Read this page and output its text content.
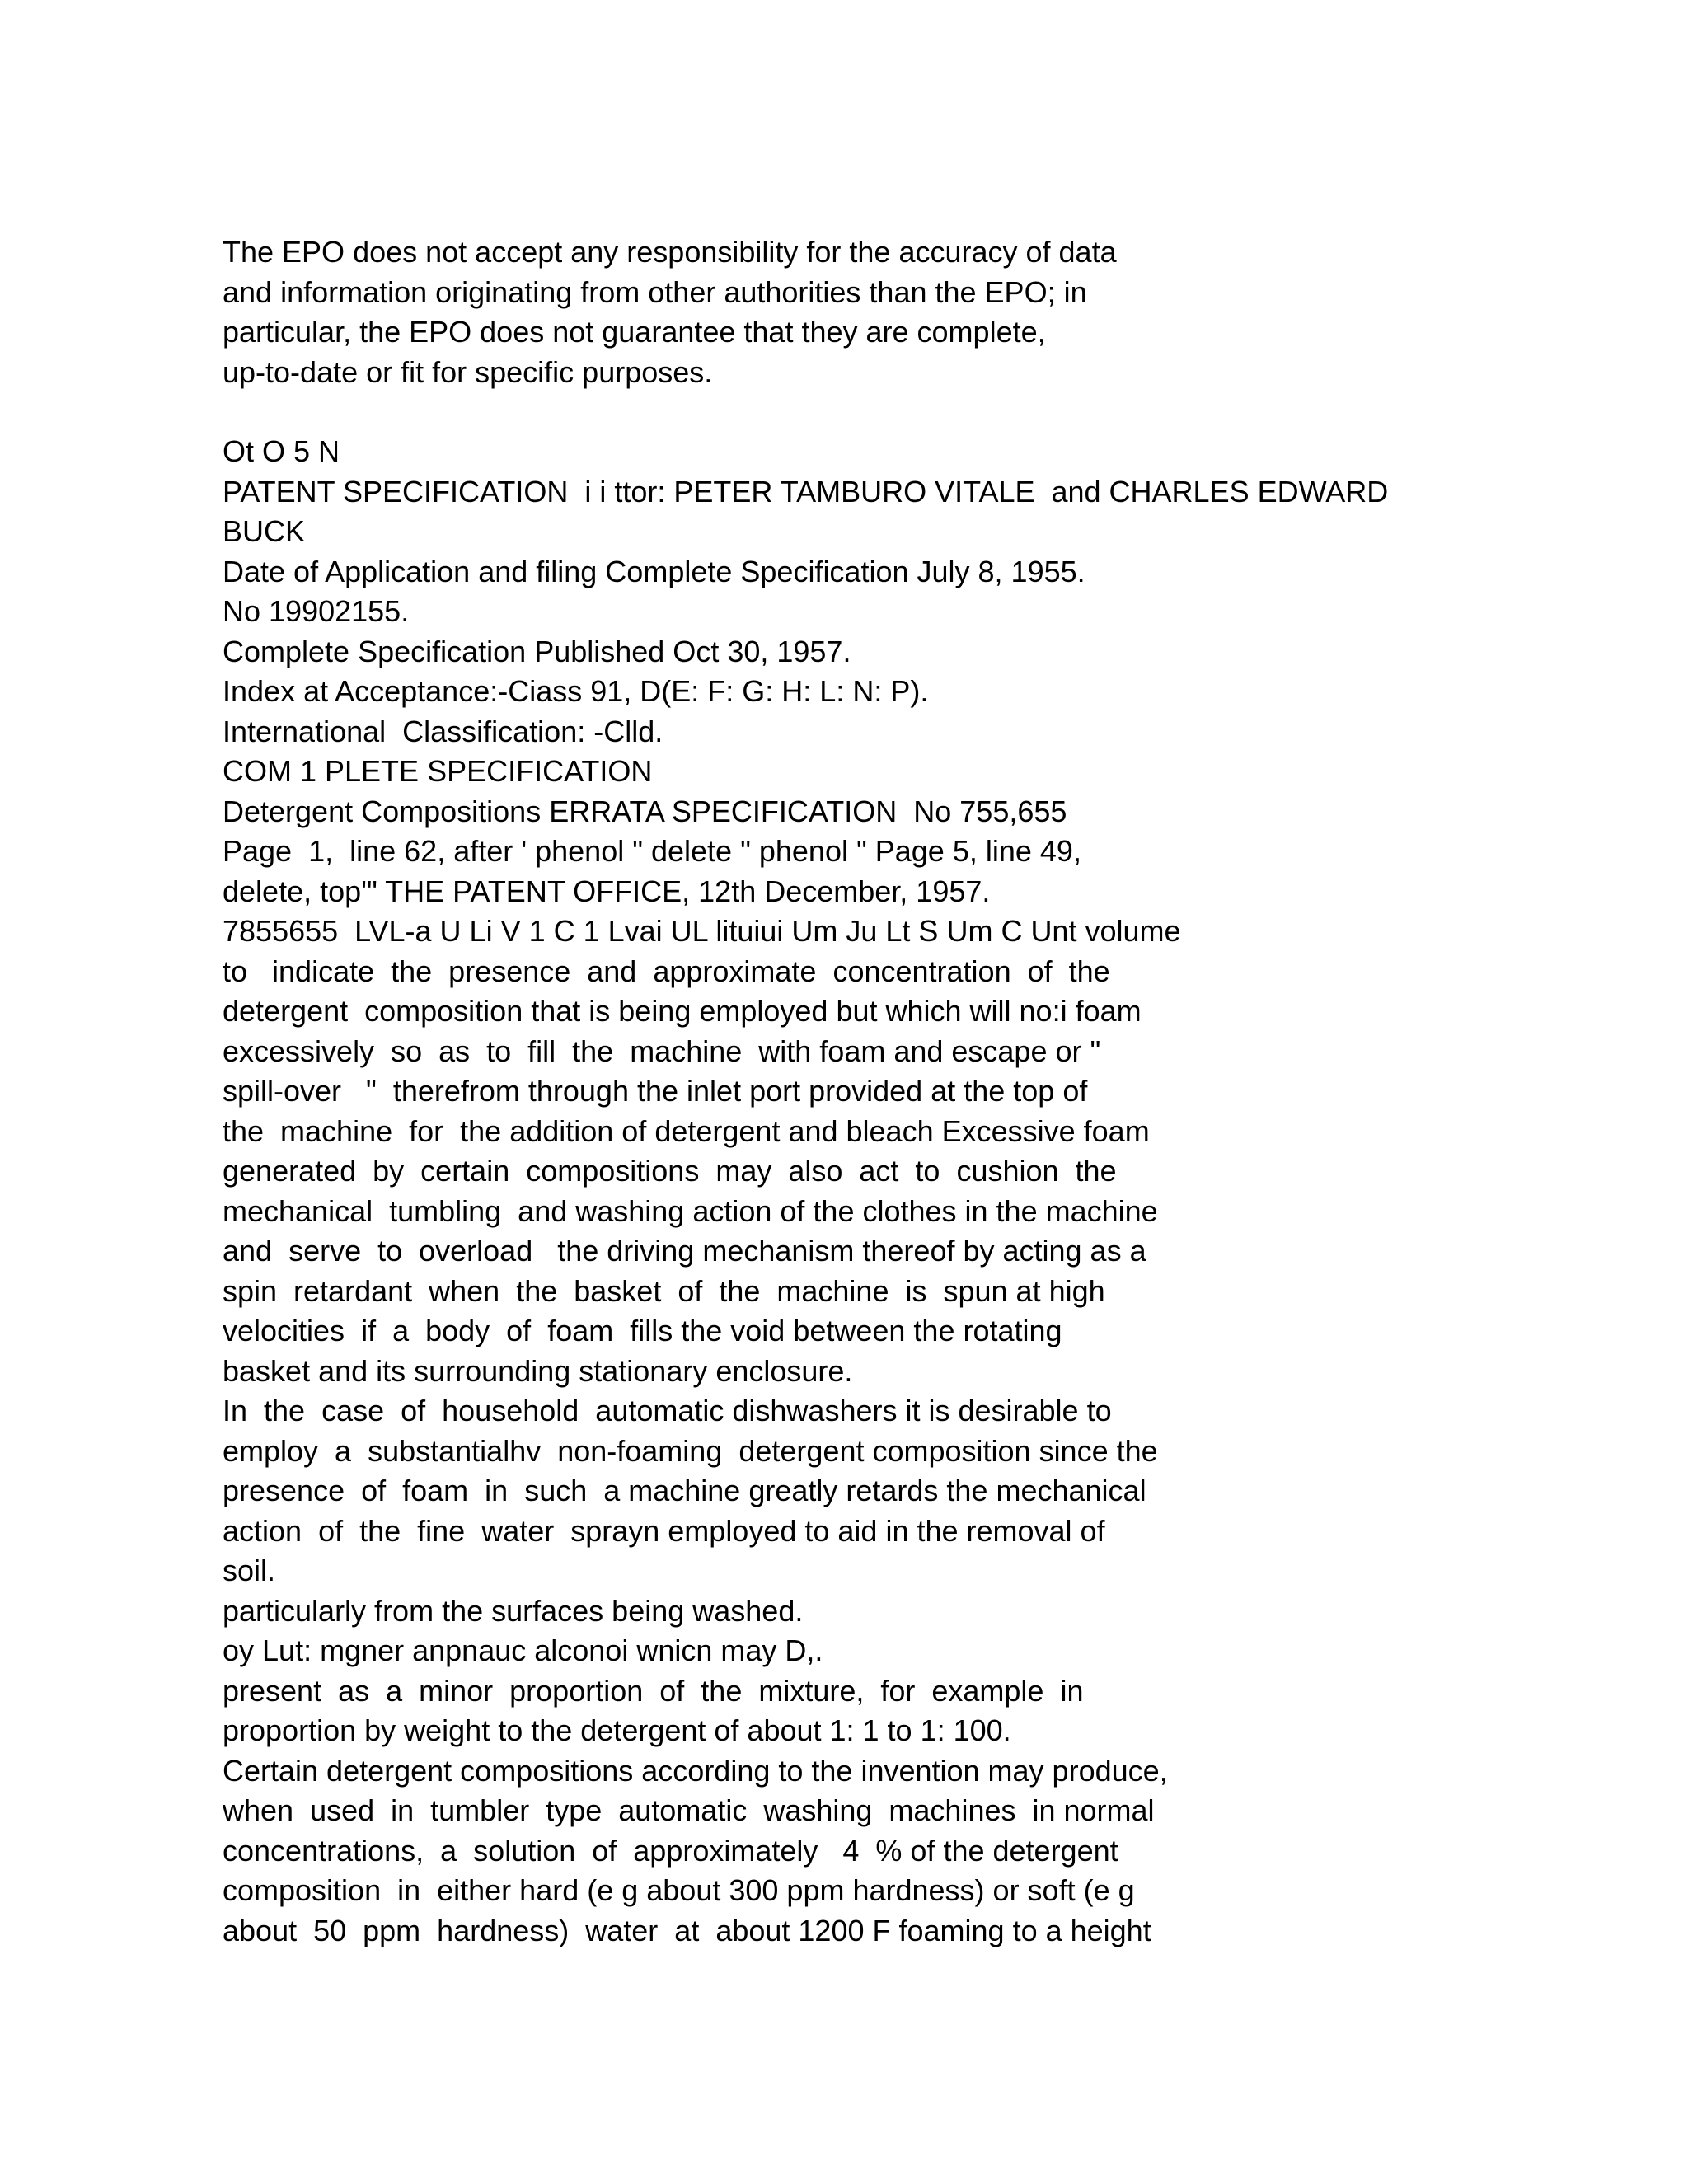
The EPO does not accept any responsibility for the accuracy of data
and information originating from other authorities than the EPO; in
particular, the EPO does not guarantee that they are complete,
up-to-date or fit for specific purposes.
Ot O 5 N
PATENT SPECIFICATION  i i ttor: PETER TAMBURO VITALE  and CHARLES EDWARD
BUCK
Date of Application and filing Complete Specification July 8, 1955.
No 19902155.
Complete Specification Published Oct 30, 1957.
Index at Acceptance:-Ciass 91, D(E: F: G: H: L: N: P).
International  Classification: -Clld.
COM 1 PLETE SPECIFICATION
Detergent Compositions ERRATA SPECIFICATION  No 755,655
Page  1,  line 62, after ' phenol " delete " phenol " Page 5, line 49,
delete, top'" THE PATENT OFFICE, 12th December, 1957.
7855655  LVL-a U Li V 1 C 1 Lvai UL lituiui Um Ju Lt S Um C Unt volume
to   indicate  the  presence  and  approximate  concentration  of  the
detergent  composition that is being employed but which will no:i foam
excessively  so  as  to  fill  the  machine  with foam and escape or "
spill-over   "  therefrom through the inlet port provided at the top of
the  machine  for  the addition of detergent and bleach Excessive foam
generated  by  certain  compositions  may  also  act  to  cushion  the
mechanical  tumbling  and washing action of the clothes in the machine
and  serve  to  overload   the driving mechanism thereof by acting as a
spin  retardant  when  the  basket  of  the  machine  is  spun at high
velocities  if  a  body  of  foam  fills the void between the rotating
basket and its surrounding stationary enclosure.
In  the  case  of  household  automatic dishwashers it is desirable to
employ  a  substantialhv  non-foaming  detergent composition since the
presence  of  foam  in  such  a machine greatly retards the mechanical
action  of  the  fine  water  sprayn employed to aid in the removal of
soil.
particularly from the surfaces being washed.
oy Lut: mgner anpnauc alconoi wnicn may D,.
present  as  a  minor  proportion  of  the  mixture,  for  example  in
proportion by weight to the detergent of about 1: 1 to 1: 100.
Certain detergent compositions according to the invention may produce,
when  used  in  tumbler  type  automatic  washing  machines  in normal
concentrations,  a  solution  of  approximately   4  % of the detergent
composition  in  either hard (e g about 300 ppm hardness) or soft (e g
about  50  ppm  hardness)  water  at  about 1200 F foaming to a height
